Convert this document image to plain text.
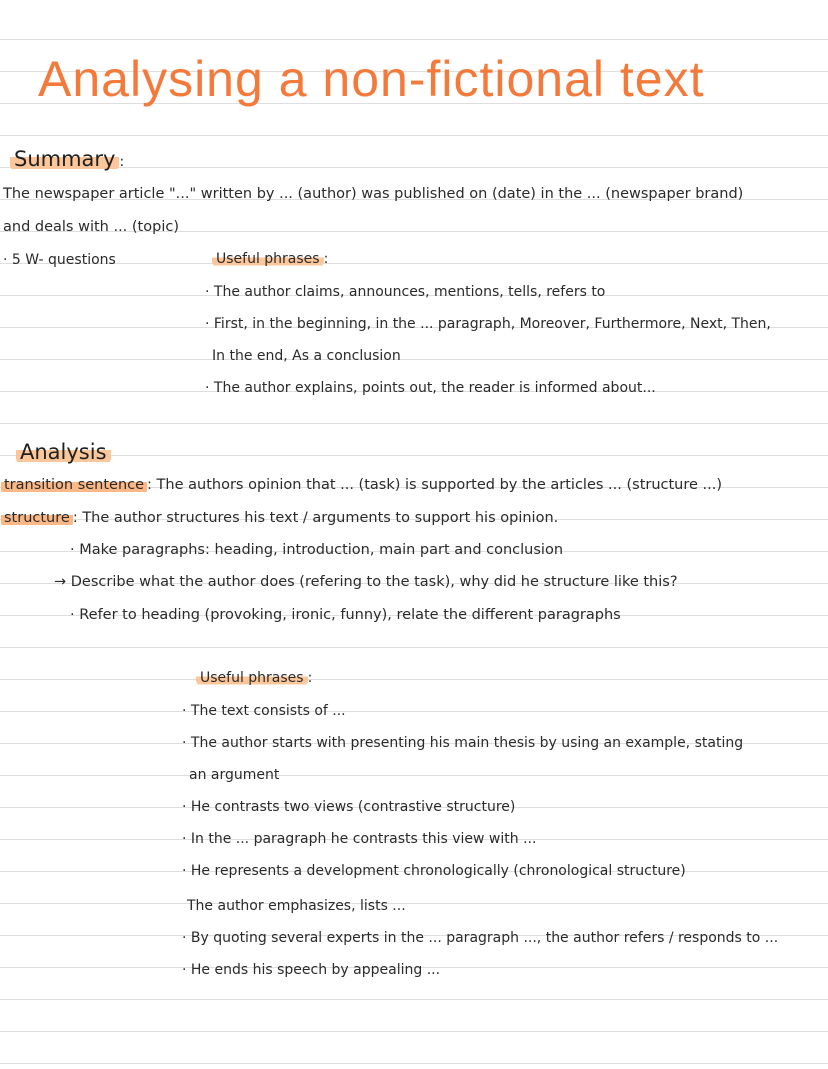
Analysing a non-fictional text
Summary :
The newspaper article "..." written by ... (author) was published on (date) in the ... (newspaper brand)
and deals with ... (topic)
· 5 W- questions	Useful phrases :
· The author claims, announces, mentions, tells, refers to
· First, in the beginning, in the ... paragraph, Moreover, Furthermore, Next, Then,
In the end, As a conclusion
· The author explains, points out, the reader is informed about...
Analysis
transition sentence : The authors opinion that ... (task) is supported by the articles ... (structure ...)
structure : The author structures his text / arguments to support his opinion.
· Make paragraphs: heading, introduction, main part and conclusion
→ Describe what the author does (refering to the task), why did he structure like this?
· Refer to heading (provoking, ironic, funny), relate the different paragraphs
Useful phrases :
· The text consists of ...
· The author starts with presenting his main thesis by using an example, stating
an argument
· He contrasts two views (contrastive structure)
· In the ... paragraph he contrasts this view with ...
· He represents a development chronologically (chronological structure)
The author emphasizes, lists ...
· By quoting several experts in the ... paragraph ..., the author refers / responds to ...
· He ends his speech by appealing ...
